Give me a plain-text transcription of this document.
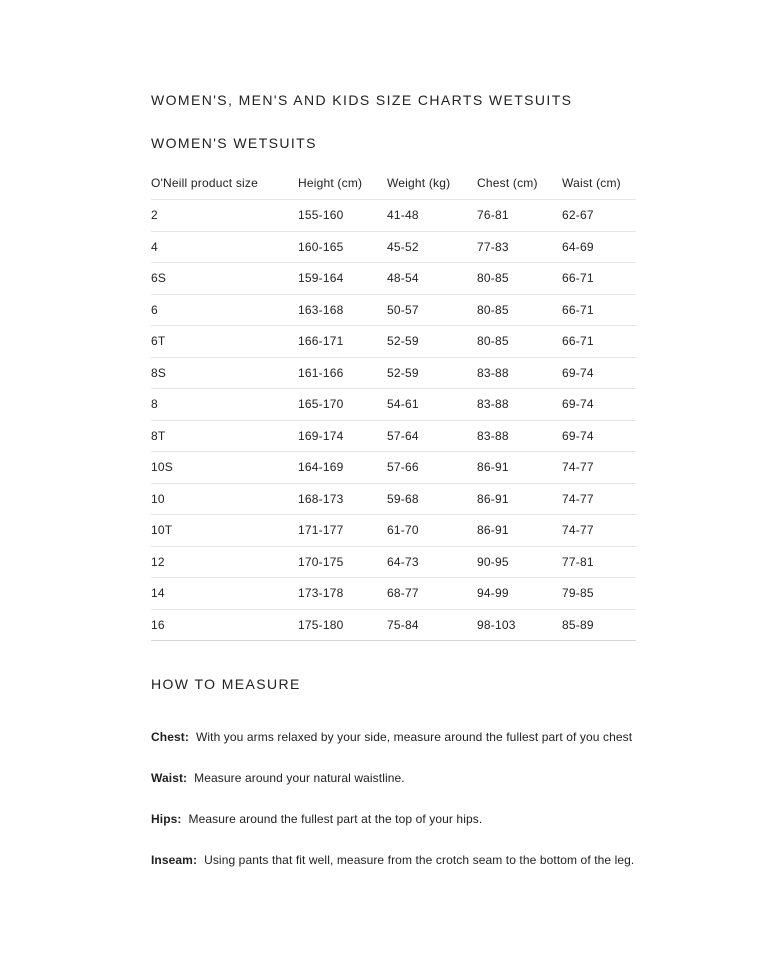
WOMEN'S, MEN'S AND KIDS SIZE CHARTS WETSUITS
WOMEN'S WETSUITS
O'Neill product size	Height (cm)	Weight (kg)	Chest (cm)	Waist (cm)
2	155-160	41-48	76-81	62-67
4	160-165	45-52	77-83	64-69
6S	159-164	48-54	80-85	66-71
6	163-168	50-57	80-85	66-71
6T	166-171	52-59	80-85	66-71
8S	161-166	52-59	83-88	69-74
8	165-170	54-61	83-88	69-74
8T	169-174	57-64	83-88	69-74
10S	164-169	57-66	86-91	74-77
10	168-173	59-68	86-91	74-77
10T	171-177	61-70	86-91	74-77
12	170-175	64-73	90-95	77-81
14	173-178	68-77	94-99	79-85
16	175-180	75-84	98-103	85-89
HOW TO MEASURE

Chest: With you arms relaxed by your side, measure around the fullest part of you chest

Waist: Measure around your natural waistline.

Hips: Measure around the fullest part at the top of your hips.

Inseam: Using pants that fit well, measure from the crotch seam to the bottom of the leg.
